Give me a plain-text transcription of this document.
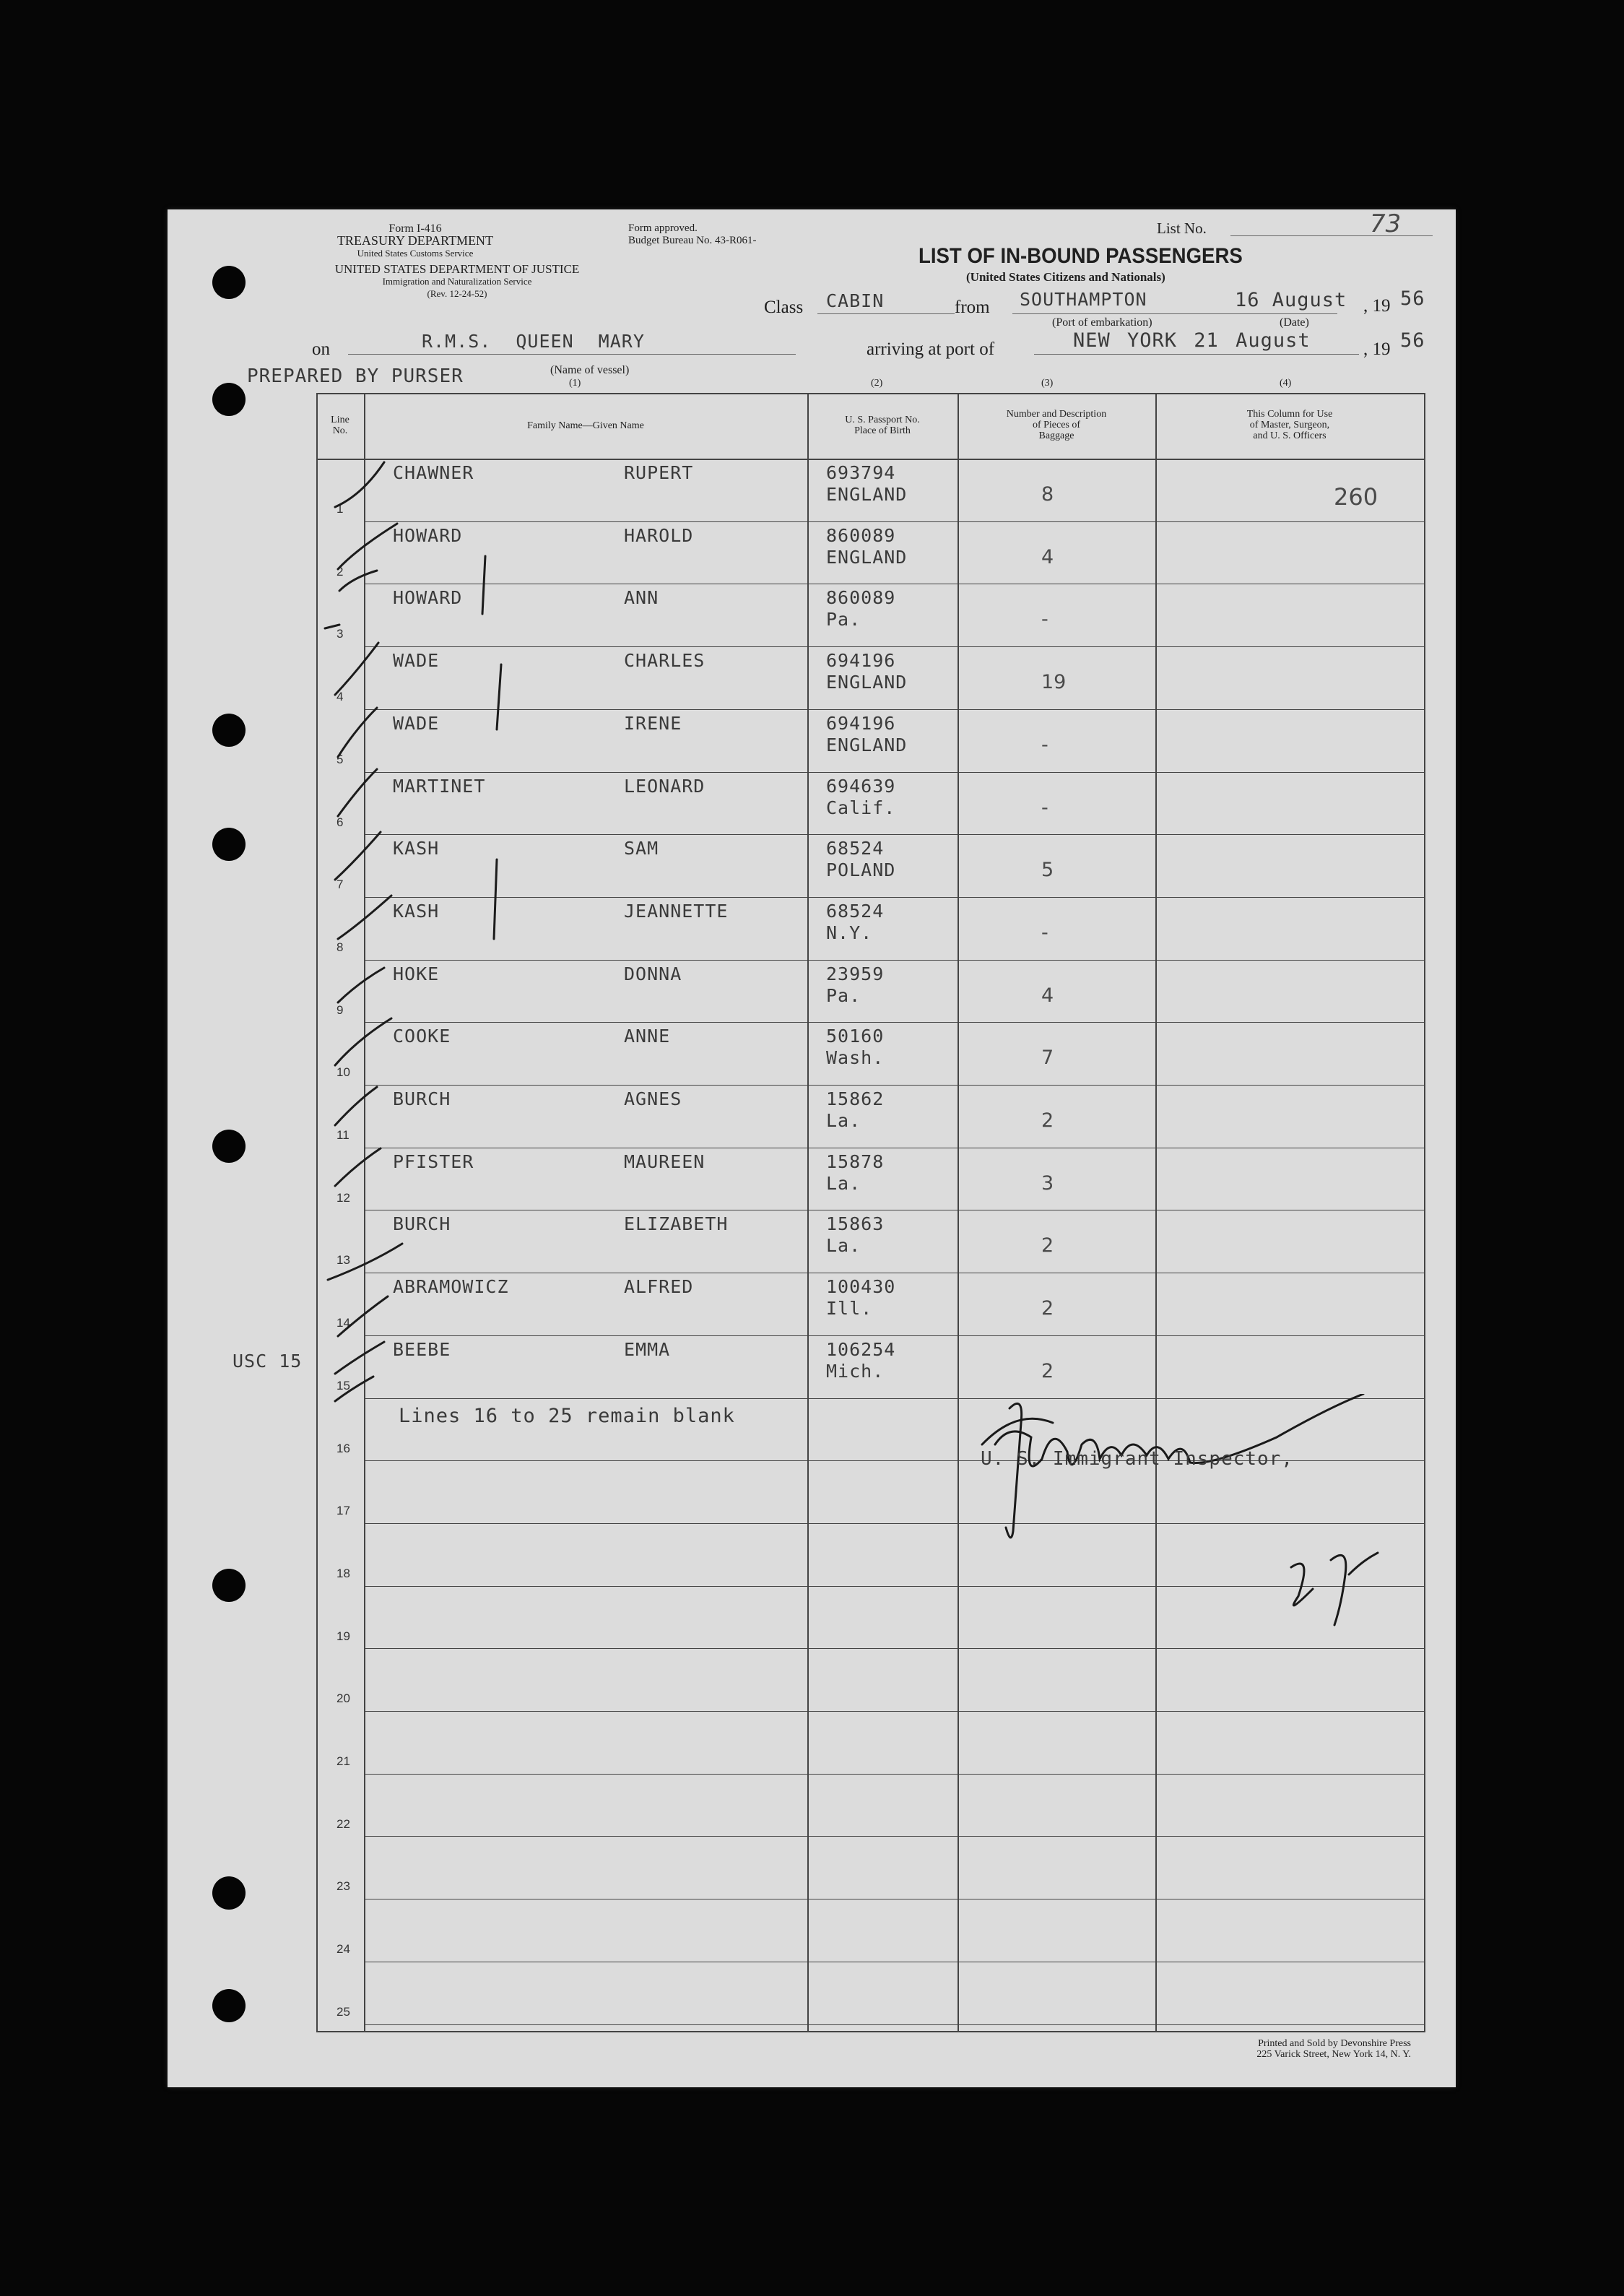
Form I-416
TREASURY DEPARTMENT
United States Customs Service
UNITED STATES DEPARTMENT OF JUSTICE
Immigration and Naturalization Service
(Rev. 12-24-52)
Form approved.
Budget Bureau No. 43-R061-
List No.	73
LIST OF IN-BOUND PASSENGERS
(United States Citizens and Nationals)
Class CABIN	from SOUTHAMPTON
(Port of embarkation)
16 August , 19 56
(Date)
on	R.M.S. QUEEN MARY
(Name of vessel)
(1)
arriving at port of	NEW YORK 21 August	, 19 56
PREPARED BY PURSER	(2)	(3)	(4)
Line
No.	Family Name—Given Name
U. S. Passport No.
Place of Birth
Number and Description
of Pieces of
Baggage
This Column for Use
of Master, Surgeon,
and U. S. Officers
1
CHAWNER	RUPERT	693794
ENGLAND	8	260
2
HOWARD	HAROLD	860089
ENGLAND	4
3
HOWARD	ANN	860089
Pa.	-
4
WADE	CHARLES	694196
ENGLAND	19
5
WADE	IRENE	694196
ENGLAND	-
6
MARTINET	LEONARD	694639
Calif.	-
7
KASH	SAM	68524
POLAND	5
8
KASH	JEANNETTE	68524
N.Y.	-
9
HOKE	DONNA	23959
Pa.	4
10
COOKE	ANNE	50160
Wash.	7
11
BURCH	AGNES	15862
La.	2
12
PFISTER	MAUREEN	15878
La.	3
13
BURCH	ELIZABETH	15863
La.	2
14
ABRAMOWICZ	ALFRED	100430
Ill.	2
15
BEEBE	EMMA	106254
Mich.	2
16
17
18
19
20
21
22
23
24
25
Lines 16 to 25 remain blank
U. S. Immigrant Inspector,
USC 15
Printed and Sold by Devonshire Press
225 Varick Street, New York 14, N. Y.
